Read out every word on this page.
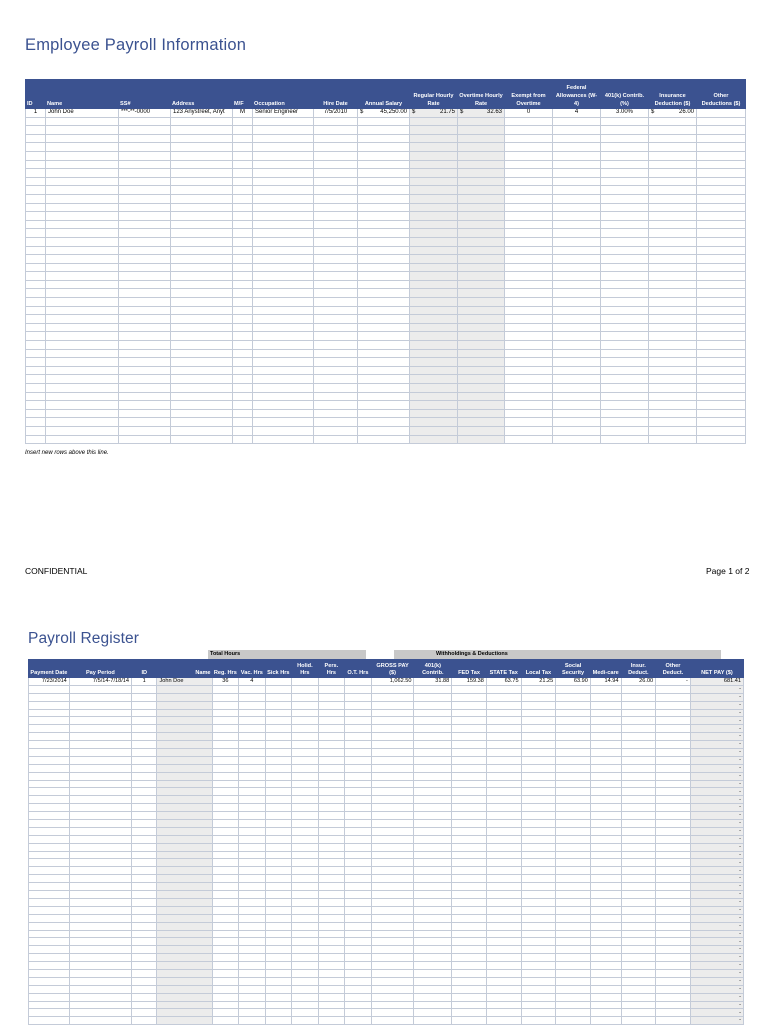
Employee Payroll Information
ID	Name	SS#	Address	M/F	Occupation	Hire Date	Annual Salary	Regular Hourly Rate	Overtime Hourly Rate	Exempt from Overtime	Federal Allowances (W-4)	401(k) Contrib. (%)	Insurance Deduction ($)	Other Deductions ($)
1	John Doe	***-**-0000	123 Anystreet, Anyt	M	Senior Engineer	7/5/2010	$ 45,250.00	$ 21.75	$ 32.63	0	4	3.00%	$ 26.00	

Insert new rows above this line.
CONFIDENTIAL	Page 1 of 2
Payroll Register
Total Hours	Withholdings & Deductions
Payment Date	Pay Period	ID	Name	Reg. Hrs	Vac. Hrs	Sick Hrs	Holid. Hrs	Pers. Hrs	O.T. Hrs	GROSS PAY ($)	401(k) Contrib.	FED Tax	STATE Tax	Local Tax	Social Security	Medi-care	Insur. Deduct.	Other Deduct.	NET PAY ($)
7/23/2014	7/5/14-7/18/14	1	John Doe	36	4					1,062.50	31.88	159.38	63.75	21.25	63.90	14.94	26.00	-	681.41
																			-
																			-
																			-
																			-
																			-
																			-
																			-
																			-
																			-
																			-
																			-
																			-
																			-
																			-
																			-
																			-
																			-
																			-
																			-
																			-
																			-
																			-
																			-
																			-
																			-
																			-
																			-
																			-
																			-
																			-
																			-
																			-
																			-
																			-
																			-
																			-
																			-
																			-
																			-
																			-
																			-
																			-
																			-
